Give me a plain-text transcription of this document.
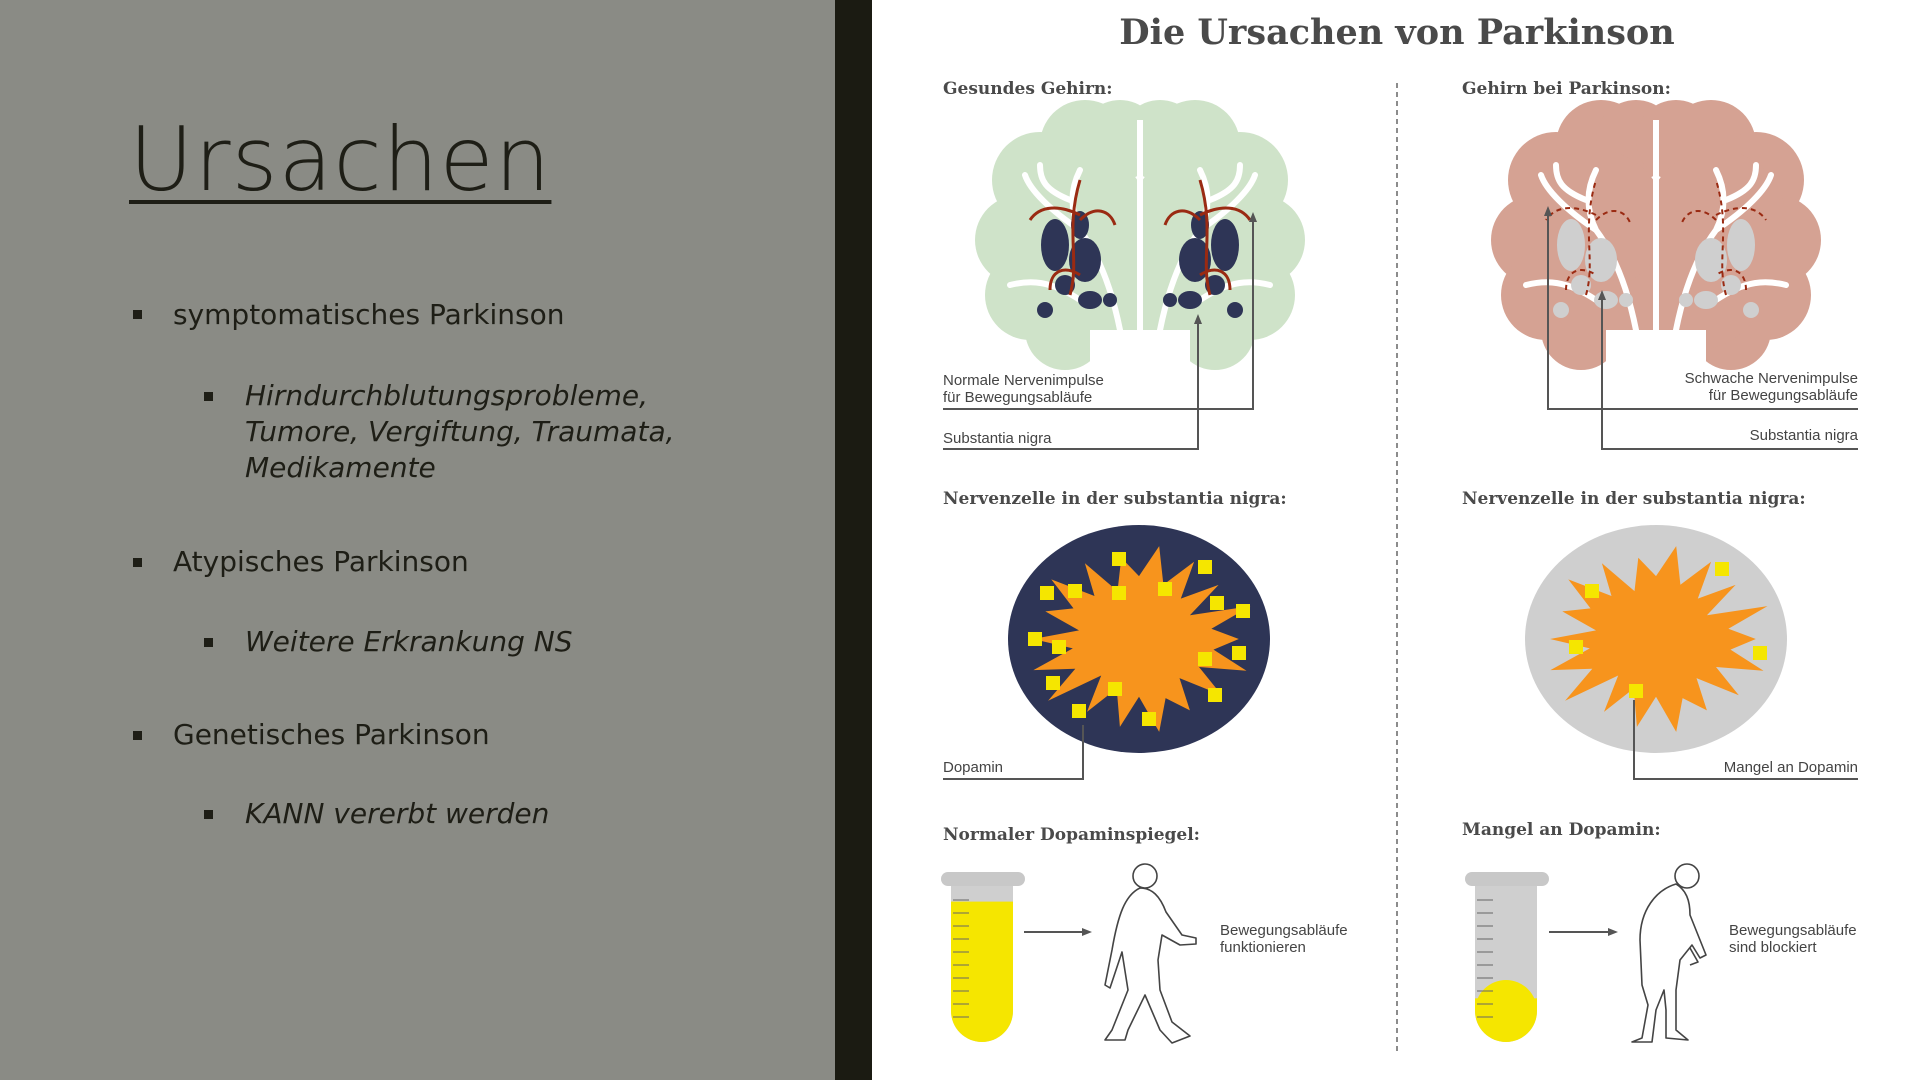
Ursachen
symptomatisches Parkinson
Hirndurchblutungsprobleme,
Tumore, Vergiftung, Traumata,
Medikamente
Atypisches Parkinson
Weitere Erkrankung NS
Genetisches Parkinson
KANN vererbt werden
Die Ursachen von Parkinson
Gesundes Gehirn:	Gehirn bei Parkinson:
Normale Nervenimpulse
für Bewegungsabläufe
Substantia nigra
Schwache Nervenimpulse
für Bewegungsabläufe
Substantia nigra
Nervenzelle in der substantia nigra:	Nervenzelle in der substantia nigra:
Dopamin	Mangel an Dopamin
Normaler Dopaminspiegel:	Mangel an Dopamin:
Bewegungsabläufe
funktionieren
Bewegungsabläufe
sind blockiert
